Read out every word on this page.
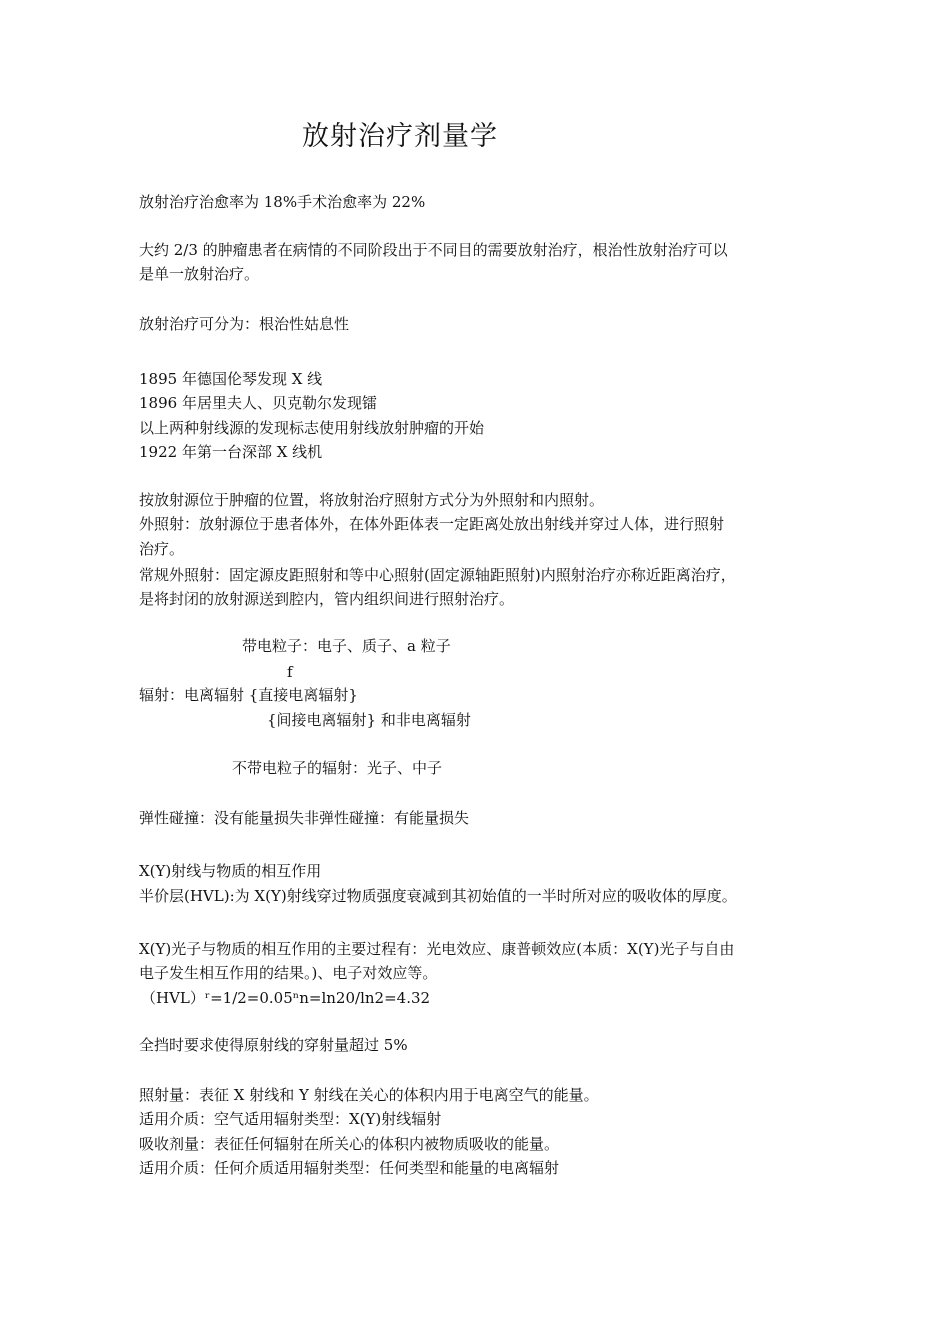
放射治疗剂量学
放射治疗治愈率为 18%手术治愈率为 22%
大约 2/3 的肿瘤患者在病情的不同阶段出于不同目的需要放射治疗，根治性放射治疗可以
是单一放射治疗。
放射治疗可分为：根治性姑息性
1895 年德国伦琴发现 X 线
1896 年居里夫人、贝克勒尔发现镭
以上两种射线源的发现标志使用射线放射肿瘤的开始
1922 年第一台深部 X 线机
按放射源位于肿瘤的位置，将放射治疗照射方式分为外照射和内照射。
外照射：放射源位于患者体外，在体外距体表一定距离处放出射线并穿过人体，进行照射
治疗。
常规外照射：固定源皮距照射和等中心照射(固定源轴距照射)内照射治疗亦称近距离治疗，
是将封闭的放射源送到腔内，管内组织间进行照射治疗。
带电粒子：电子、质子、a 粒子
f
辐射：电离辐射 {直接电离辐射}
{间接电离辐射} 和非电离辐射
不带电粒子的辐射：光子、中子
弹性碰撞：没有能量损失非弹性碰撞：有能量损失
X(Y)射线与物质的相互作用
半价层(HVL):为 X(Y)射线穿过物质强度衰减到其初始值的一半时所对应的吸收体的厚度。
X(Y)光子与物质的相互作用的主要过程有：光电效应、康普顿效应(本质：X(Y)光子与自由
电子发生相互作用的结果。)、电子对效应等。
（HVL）ʳ=1/2=0.05ⁿn=ln20/ln2=4.32
全挡时要求使得原射线的穿射量超过 5%
照射量：表征 X 射线和 Y 射线在关心的体积内用于电离空气的能量。
适用介质：空气适用辐射类型：X(Y)射线辐射
吸收剂量：表征任何辐射在所关心的体积内被物质吸收的能量。
适用介质：任何介质适用辐射类型：任何类型和能量的电离辐射
